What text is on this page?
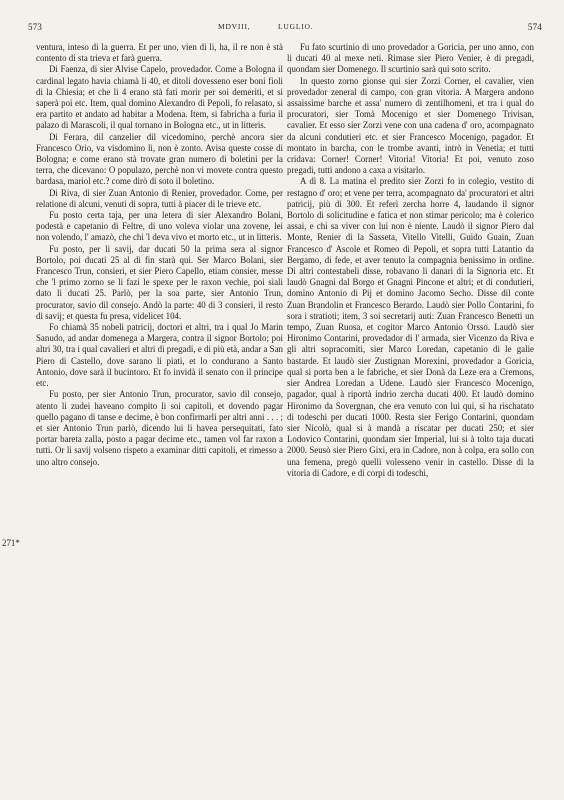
573	MDVIII,	LUGLIO.	574
271*

ventura, inteso di la guerra. Et per uno, vien di li, ha, il re non è stà contento di sta trieva et farà guerra.

Di Faenza, di sier Alvise Capelo, provedador. Come a Bologna il cardinal legato havia chiamà li 40, et ditoli dovesseno eser boni fioli di la Chiesia; et che li 4 erano stà fati morir per soi demeriti, et si saperà poi etc. Item, qual domino Alexandro di Pepoli, fo relasato, si era partito et andato ad habitar a Modena. Item, si fabricha a furia il palazo di Marascoli, il qual tornano in Bologna etc., ut in litteris.

Di Ferara, dil canzelier dil vicedomino, perchè ancora sier Francesco Orio, va visdomino lì, non è zonto. Avisa queste cosse di Bologna; e come erano stà trovate gran numero di boletini per la terra, che dicevano: O populazo, perchè non vi movete contra questo bardasa, mariol etc.? come dirò di soto il boletino.

Di Riva, di sier Zuan Antonio di Renier, provedador. Come, per relatione di alcuni, venuti di sopra, tutti à piacer di le trieve etc.

Fu posto certa taja, per una letera di sier Alexandro Bolani, podestà e capetanio di Feltre, di uno voleva violar una zovene, lei non volendo, l' amazò, che chi 'l deva vivo et morto etc., ut in litteris.

Fu posto, per li savij, dar ducati 50 la prima sera al signor Bortolo, poi ducati 25 al dì fin starà qui. Ser Marco Bolani, sier Francesco Trun, consieri, et sier Piero Capello, etiam consier, messe che 'l primo zorno se li fazi le spexe per le raxon vechie, poi siali dato li ducati 25. Parlò, per la soa parte, sier Antonio Trun, procurator, savio dil consejo. Andò la parte: 40 di 3 consieri, il resto di savij; et questa fu presa, videlicet 104.

Fo chiamà 35 nobeli patricij, doctori et altri, tra i qual Jo Marin Sanudo, ad andar domenega a Margera, contra il signor Bortolo; poi altri 30, tra i qual cavalieri et altri di pregadi, e di più età, andar a San Piero di Castello, dove sarano li piati, et lo condurano a Santo Antonio, dove sarà il bucintoro. Et fo invidà il senato con il principe etc.

Fu posto, per sier Antonio Trun, procurator, savio dil consejo, atento li zudei haveano compito li soi capitoli, et dovendo pagar quello pagano di tanse e decime, è bon confirmarli per altri anni . . . ; et sier Antonio Trun parlò, dicendo lui li havea persequitati, fato portar bareta zalla, posto a pagar decime etc., tamen vol far raxon a tutti. Or li savij volseno rispeto a examinar ditti capitoli, et rimesso a uno altro consejo.

Fu fato scurtinio di uno provedador a Goricia, per uno anno, con li ducati 40 al mexe neti. Rimase sier Piero Venier, è di pregadi, quondam sier Domenego. Il scurtinio sarà qui soto scrito.

In questo zorno gionse qui sier Zorzi Corner, el cavalier, vien provedador zeneral di campo, con gran vitoria. A Margera andono assaissime barche et assa' numero di zentilhomeni, et tra i qual do procuratori, sier Tomà Mocenigo et sier Domenego Trivisan, cavalier. Et esso sier Zorzi vene con una cadena d' oro, acompagnato da alcuni condutieri etc. et sier Francesco Mocenigo, pagador. Et montato in barcha, con le trombe avanti, intrò in Venetia; et tutti cridava: Corner! Corner! Vitoria! Vitoria! Et poi, venuto zoso pregadi, tutti andono a caxa a visitarlo.

A dì 8. La matina el predito sier Zorzi fo in colegio, vestito di restagno d' oro; et vene per terra, acompagnato da' procuratori et altri patricij, più di 300. Et referì zercha horre 4, laudando il signor Bortolo di solicitudine e fatica et non stimar pericolo; ma è colerico assai, e chi sa viver con lui non è niente. Laudò il signor Piero dal Monte, Renier di la Sasseta, Vitello Vitelli, Guido Guain, Zuan Francesco d' Ascole et Romeo di Pepoli, et sopra tutti Latantio da Bergamo, di fede, et aver tenuto la compagnia benissimo in ordine. Di altri contestabeli disse, robavano li danari di la Signoria etc. Et laudò Gnagni dal Borgo et Gnagni Pincone et altri; et di condutieri, domino Antonio di Pij et domino Jacomo Secho. Disse dil conte Zuan Brandolin et Francesco Berardo. Laudò sier Pollo Contarini, fo sora i stratioti; item, 3 soi secretarij auti: Zuan Francesco Benetti un tempo, Zuan Ruosa, et cogitor Marco Antonio Orsso. Laudò sier Hironimo Contarini, provedador di l' armada, sier Vicenzo da Riva e gli altri sopracomiti, sier Marco Loredan, capetanio di le galie bastarde. Et laudò sier Zustignan Morexini, provedador a Goricia, qual si porta ben a le fabriche, et sier Donà da Leze era a Cremons, sier Andrea Loredan a Udene. Laudò sier Francesco Mocenigo, pagador, qual à riportà indrio zercha ducati 400. Et laudò domino Hironimo da Sovergnan, che era venuto con lui qui, si ha rischatato di todeschi per ducati 1000. Resta sier Ferigo Contarini, quondam sier Nicolò, qual si à mandà a riscatar per ducati 250; et sier Lodovico Contarini, quondam sier Imperial, lui si à tolto taja ducati 2000. Seusò sier Piero Gixi, era in Cadore, non à colpa, era sollo con una femena, pregò quelli volesseno venir in castello. Disse di la vitoria di Cadore, e di corpi di todeschi,
